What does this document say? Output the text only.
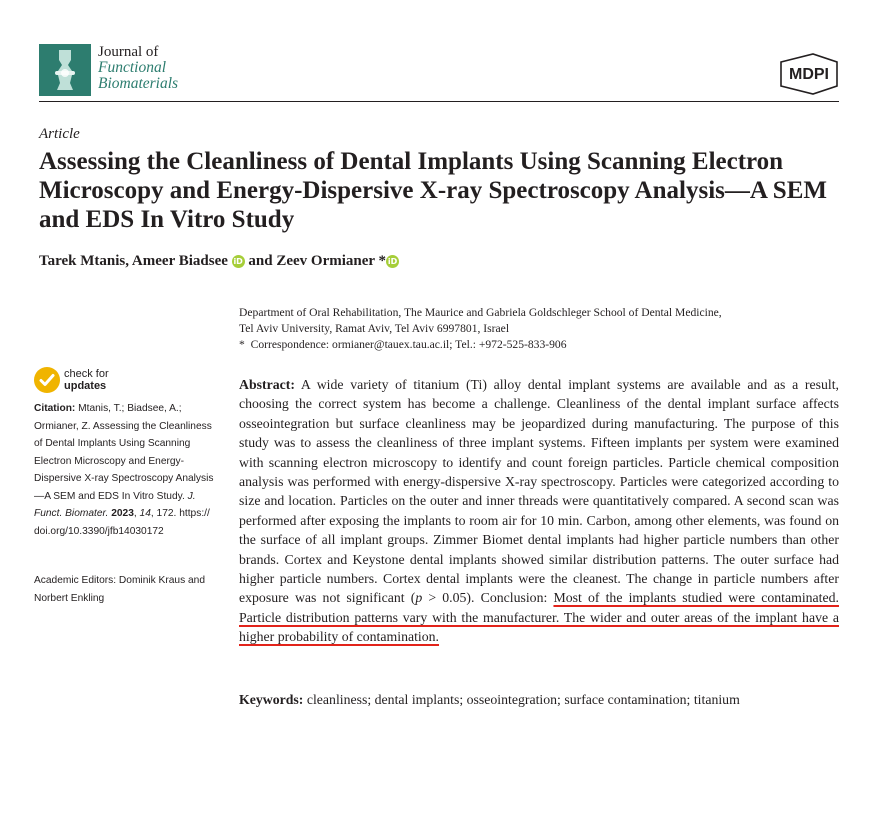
Journal of
Functional
Biomaterials
MDPI
Article
Assessing the Cleanliness of Dental Implants Using Scanning Electron Microscopy and Energy-Dispersive X-ray Spectroscopy Analysis—A SEM and EDS In Vitro Study
Tarek Mtanis, Ameer Biadsee iD and Zeev Ormianer * iD
Department of Oral Rehabilitation, The Maurice and Gabriela Goldschleger School of Dental Medicine,
Tel Aviv University, Ramat Aviv, Tel Aviv 6997801, Israel
* Correspondence: ormianer@tauex.tau.ac.il; Tel.: +972-525-833-906
check for
updates
Citation: Mtanis, T.; Biadsee, A.; Ormianer, Z. Assessing the Cleanliness of Dental Implants Using Scanning Electron Microscopy and Energy-Dispersive X-ray Spectroscopy Analysis—A SEM and EDS In Vitro Study. J. Funct. Biomater. 2023, 14, 172. https://doi.org/10.3390/jfb14030172
Academic Editors: Dominik Kraus and Norbert Enkling
Abstract: A wide variety of titanium (Ti) alloy dental implant systems are available and as a result, choosing the correct system has become a challenge. Cleanliness of the dental implant surface affects osseointegration but surface cleanliness may be jeopardized during manufacturing. The purpose of this study was to assess the cleanliness of three implant systems. Fifteen implants per system were examined with scanning electron microscopy to identify and count foreign particles. Particle chemical composition analysis was performed with energy-dispersive X-ray spectroscopy. Particles were categorized according to size and location. Particles on the outer and inner threads were quantitatively compared. A second scan was performed after exposing the implants to room air for 10 min. Carbon, among other elements, was found on the surface of all implant groups. Zimmer Biomet dental implants had higher particle numbers than other brands. Cortex and Keystone dental implants showed similar distribution patterns. The outer surface had higher particle numbers. Cortex dental implants were the cleanest. The change in particle numbers after exposure was not significant (p > 0.05). Conclusion: Most of the implants studied were contaminated. Particle distribution patterns vary with the manufacturer. The wider and outer areas of the implant have a higher probability of contamination.
Keywords: cleanliness; dental implants; osseointegration; surface contamination; titanium
